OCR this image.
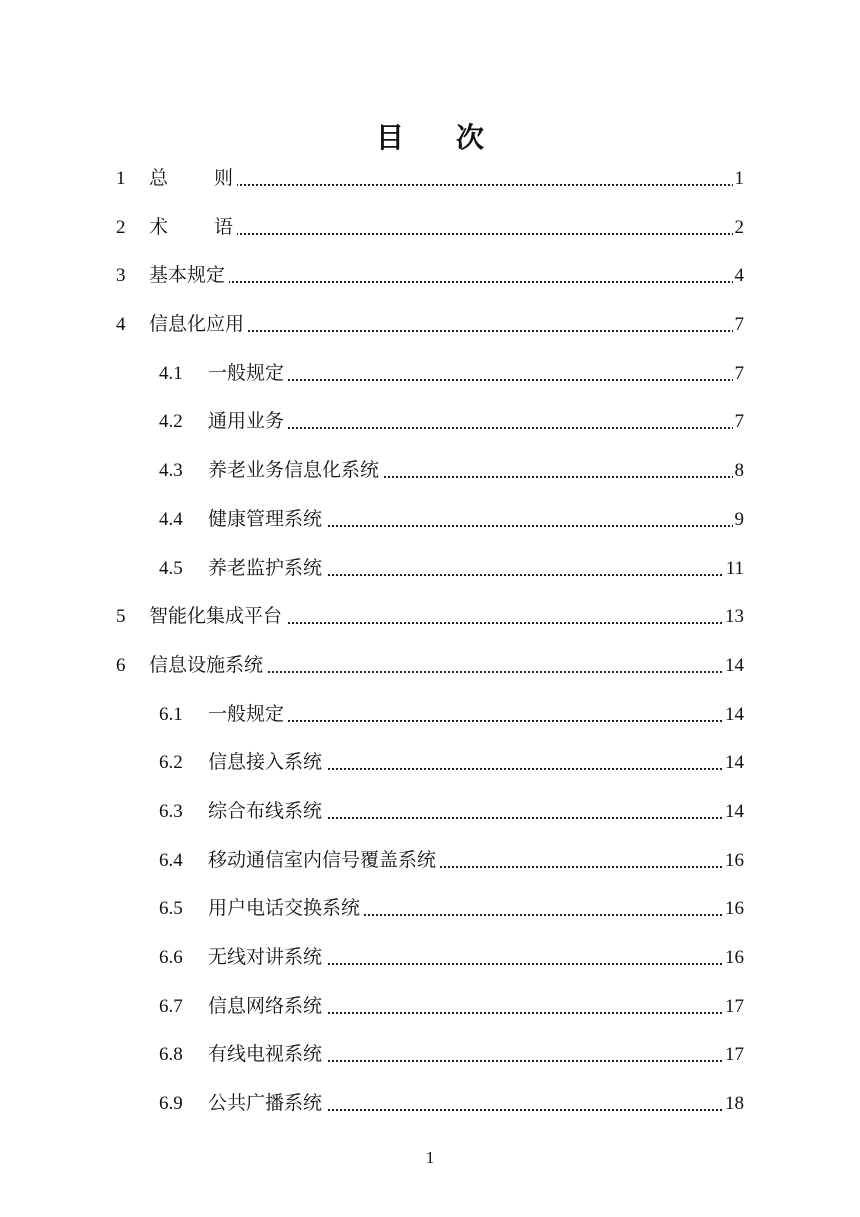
目 次
1 总 则	1
2 术 语	2
3 基本规定	4
4 信息化应用	7
4.1 一般规定	7
4.2 通用业务	7
4.3 养老业务信息化系统	8
4.4 健康管理系统	9
4.5 养老监护系统	11
5 智能化集成平台	13
6 信息设施系统	14
6.1 一般规定	14
6.2 信息接入系统	14
6.3 综合布线系统	14
6.4 移动通信室内信号覆盖系统	16
6.5 用户电话交换系统	16
6.6 无线对讲系统	16
6.7 信息网络系统	17
6.8 有线电视系统	17
6.9 公共广播系统	18
1
